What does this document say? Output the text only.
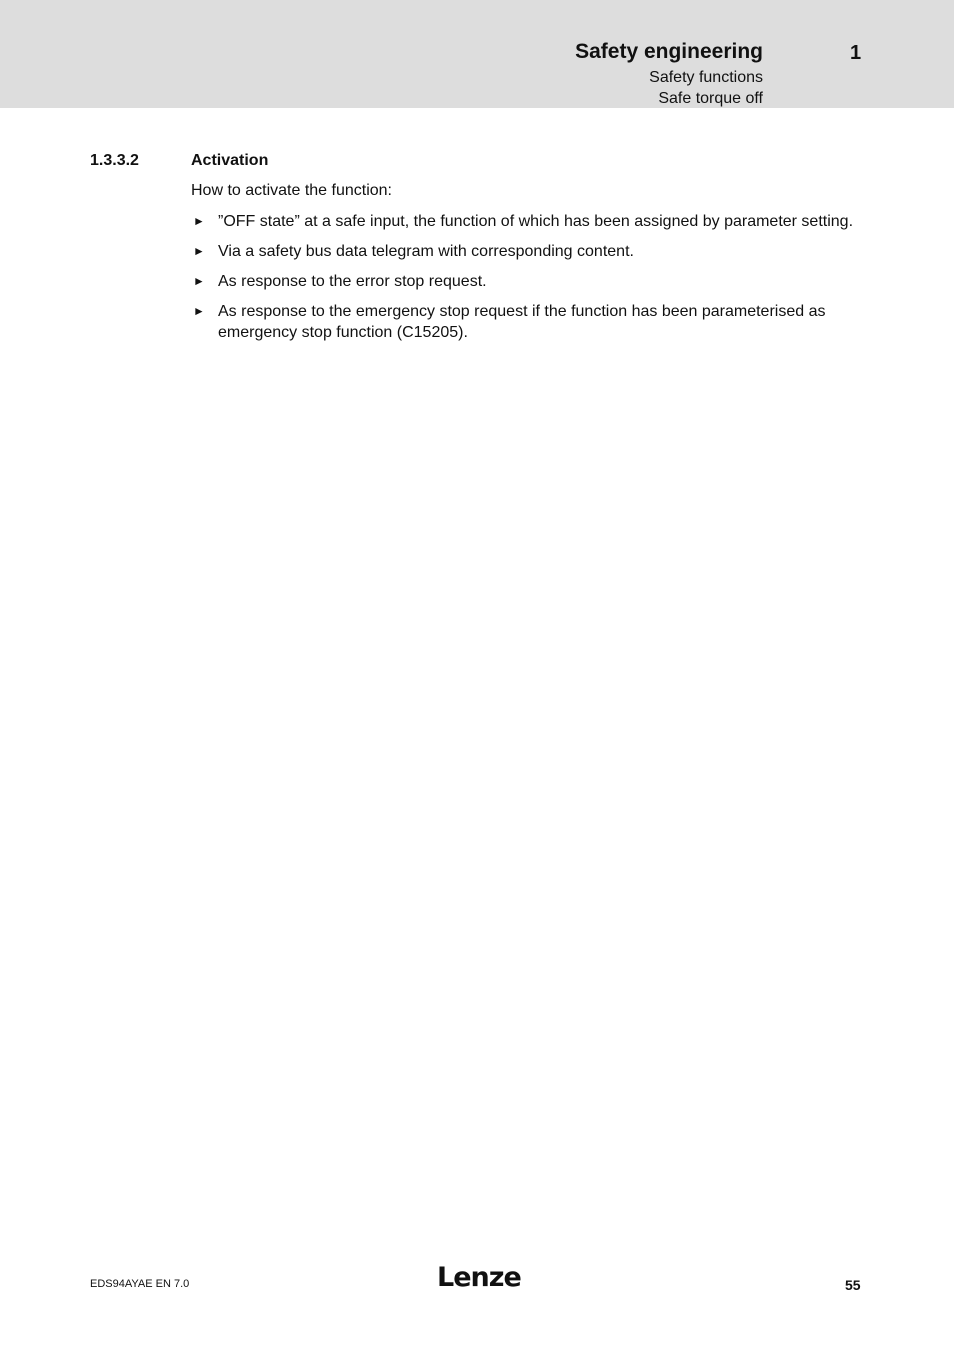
Safety engineering	1
Safety functions
Safe torque off
1.3.3.2	Activation
How to activate the function:
► ”OFF state” at a safe input, the function of which has been assigned by parameter setting.
► Via a safety bus data telegram with corresponding content.
► As response to the error stop request.
► As response to the emergency stop request if the function has been parameterised as emergency stop function (C15205).
EDS94AYAE EN 7.0	Lenze	55
